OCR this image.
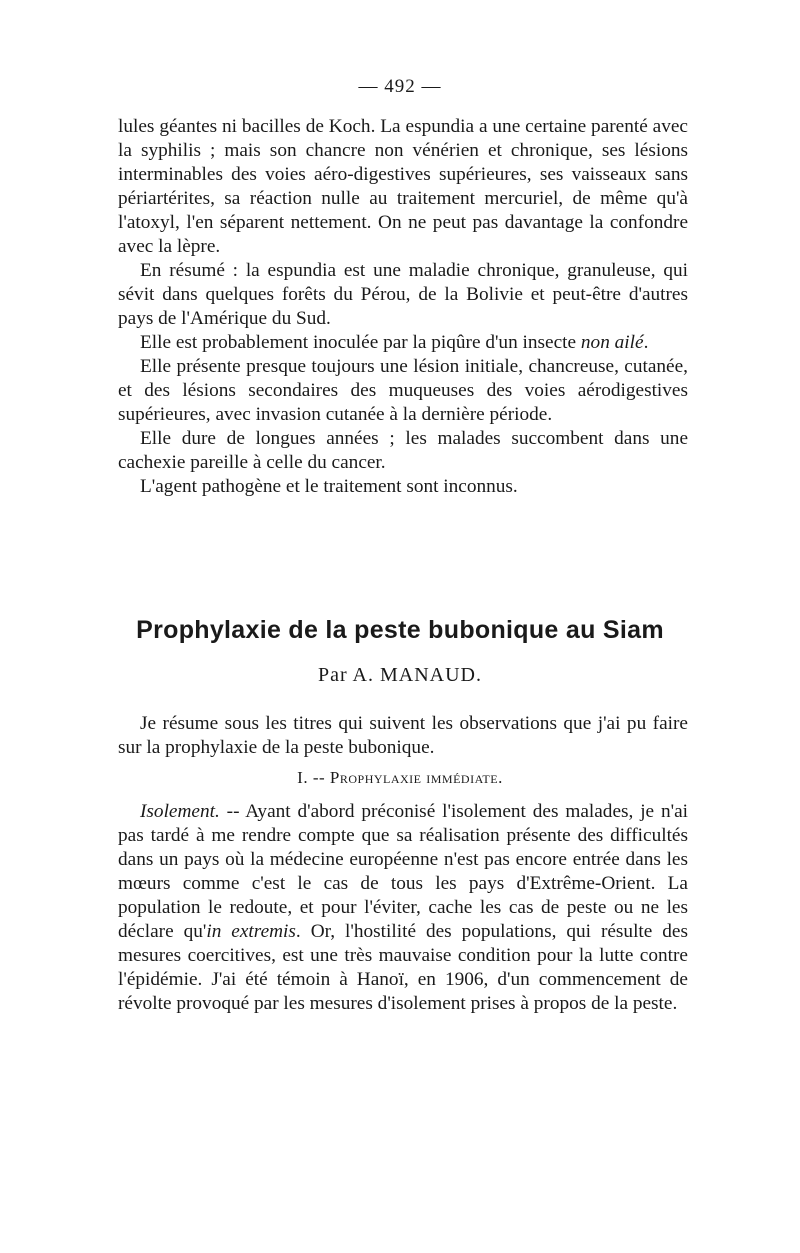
— 492 —

lules géantes ni bacilles de Koch. La espundia a une certaine parenté avec la syphilis ; mais son chancre non vénérien et chronique, ses lésions interminables des voies aéro-digestives supérieures, ses vaisseaux sans périartérites, sa réaction nulle au traitement mercuriel, de même qu'à l'atoxyl, l'en séparent nettement. On ne peut pas davantage la confondre avec la lèpre.

En résumé : la espundia est une maladie chronique, granuleuse, qui sévit dans quelques forêts du Pérou, de la Bolivie et peut-être d'autres pays de l'Amérique du Sud.

Elle est probablement inoculée par la piqûre d'un insecte non ailé.

Elle présente presque toujours une lésion initiale, chancreuse, cutanée, et des lésions secondaires des muqueuses des voies aérodigestives supérieures, avec invasion cutanée à la dernière période.

Elle dure de longues années ; les malades succombent dans une cachexie pareille à celle du cancer.

L'agent pathogène et le traitement sont inconnus.

Prophylaxie de la peste bubonique au Siam
Par A. MANAUD.

Je résume sous les titres qui suivent les observations que j'ai pu faire sur la prophylaxie de la peste bubonique.

I. -- Prophylaxie immédiate.

Isolement. -- Ayant d'abord préconisé l'isolement des malades, je n'ai pas tardé à me rendre compte que sa réalisation présente des difficultés dans un pays où la médecine européenne n'est pas encore entrée dans les mœurs comme c'est le cas de tous les pays d'Extrême-Orient. La population le redoute, et pour l'éviter, cache les cas de peste ou ne les déclare qu'in extremis. Or, l'hostilité des populations, qui résulte des mesures coercitives, est une très mauvaise condition pour la lutte contre l'épidémie. J'ai été témoin à Hanoï, en 1906, d'un commencement de révolte provoqué par les mesures d'isolement prises à propos de la peste.
